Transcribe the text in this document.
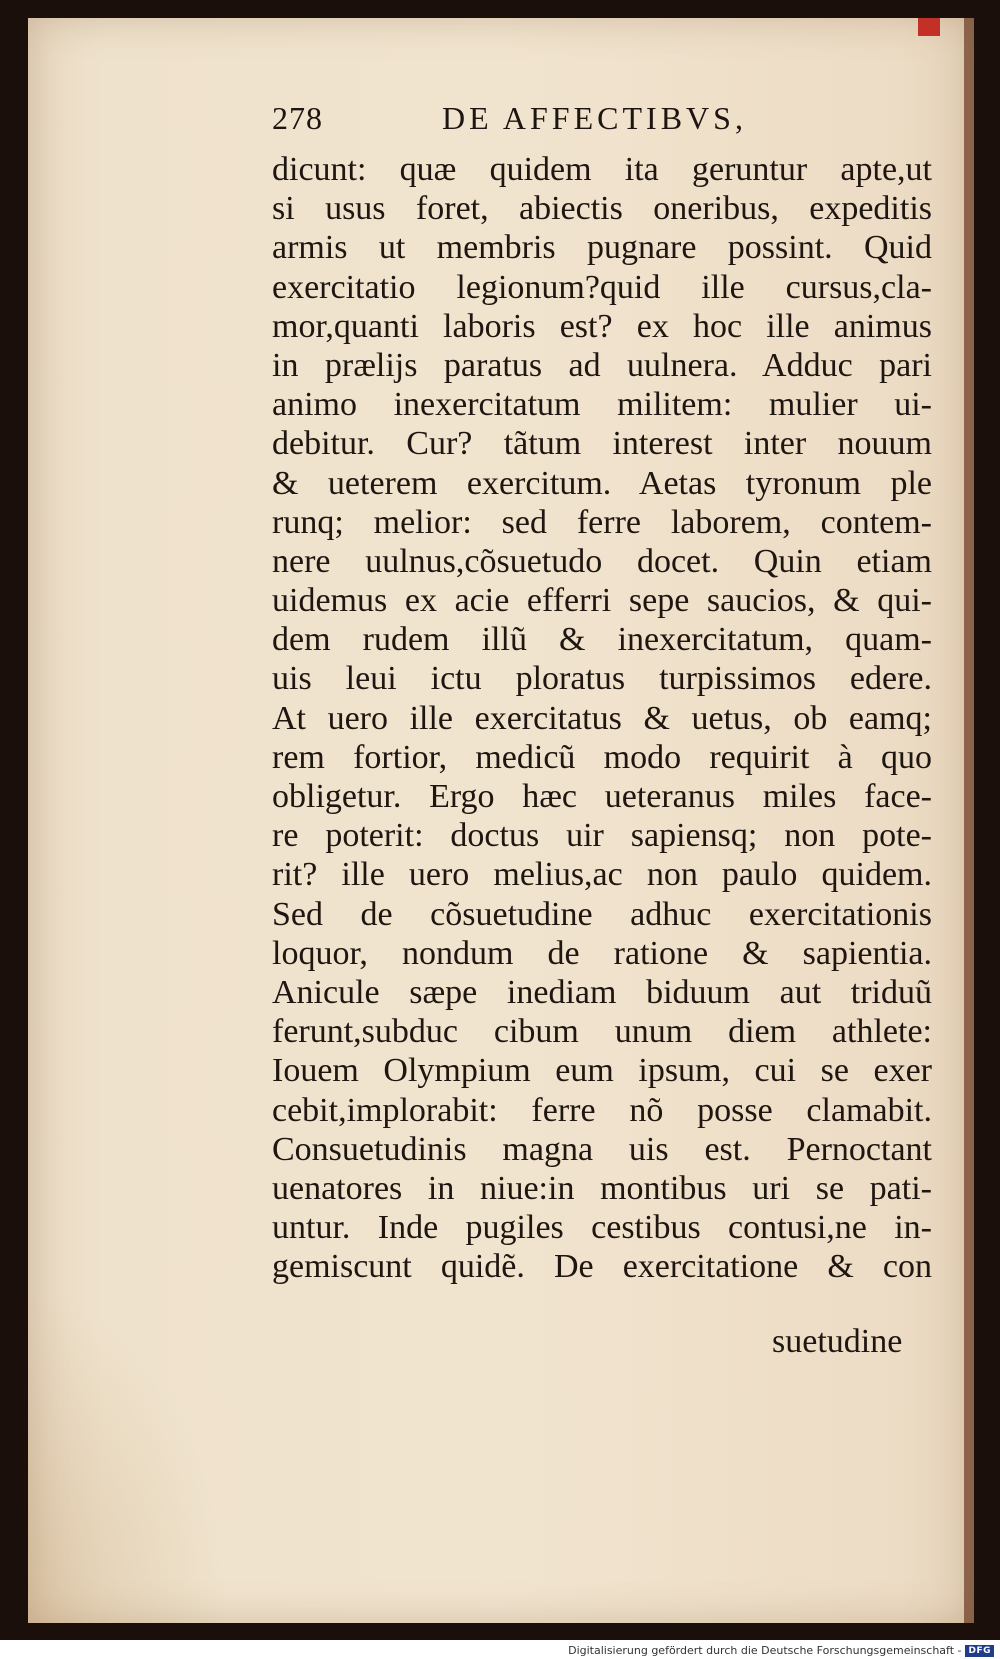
278	DE AFFECTIBVS,
dicunt: quæ quidem ita geruntur apte,ut
si usus foret, abiectis oneribus, expeditis
armis ut membris pugnare possint. Quid
exercitatio legionum?quid ille cursus,cla-
mor,quanti laboris est? ex hoc ille animus
in prælijs paratus ad uulnera. Adduc pari
animo inexercitatum militem: mulier ui-
debitur. Cur? tãtum interest inter nouum
& ueterem exercitum. Aetas tyronum ple
runq; melior: sed ferre laborem, contem-
nere uulnus,cõsuetudo docet. Quin etiam
uidemus ex acie efferri sepe saucios, & qui-
dem rudem illũ & inexercitatum, quam-
uis leui ictu ploratus turpissimos edere.
At uero ille exercitatus & uetus, ob eamq;
rem fortior, medicũ modo requirit à quo
obligetur. Ergo hæc ueteranus miles face-
re poterit: doctus uir sapiensq; non pote-
rit? ille uero melius,ac non paulo quidem.
Sed de cõsuetudine adhuc exercitationis
loquor, nondum de ratione & sapientia.
Anicule sæpe inediam biduum aut triduũ
ferunt,subduc cibum unum diem athlete:
Iouem Olympium eum ipsum, cui se exer
cebit,implorabit: ferre nõ posse clamabit.
Consuetudinis magna uis est. Pernoctant
uenatores in niue:in montibus uri se pati-
untur. Inde pugiles cestibus contusi,ne in-
gemiscunt quidẽ. De exercitatione & con
suetudine
Digitalisierung gefördert durch die Deutsche Forschungsgemeinschaft - DFG
